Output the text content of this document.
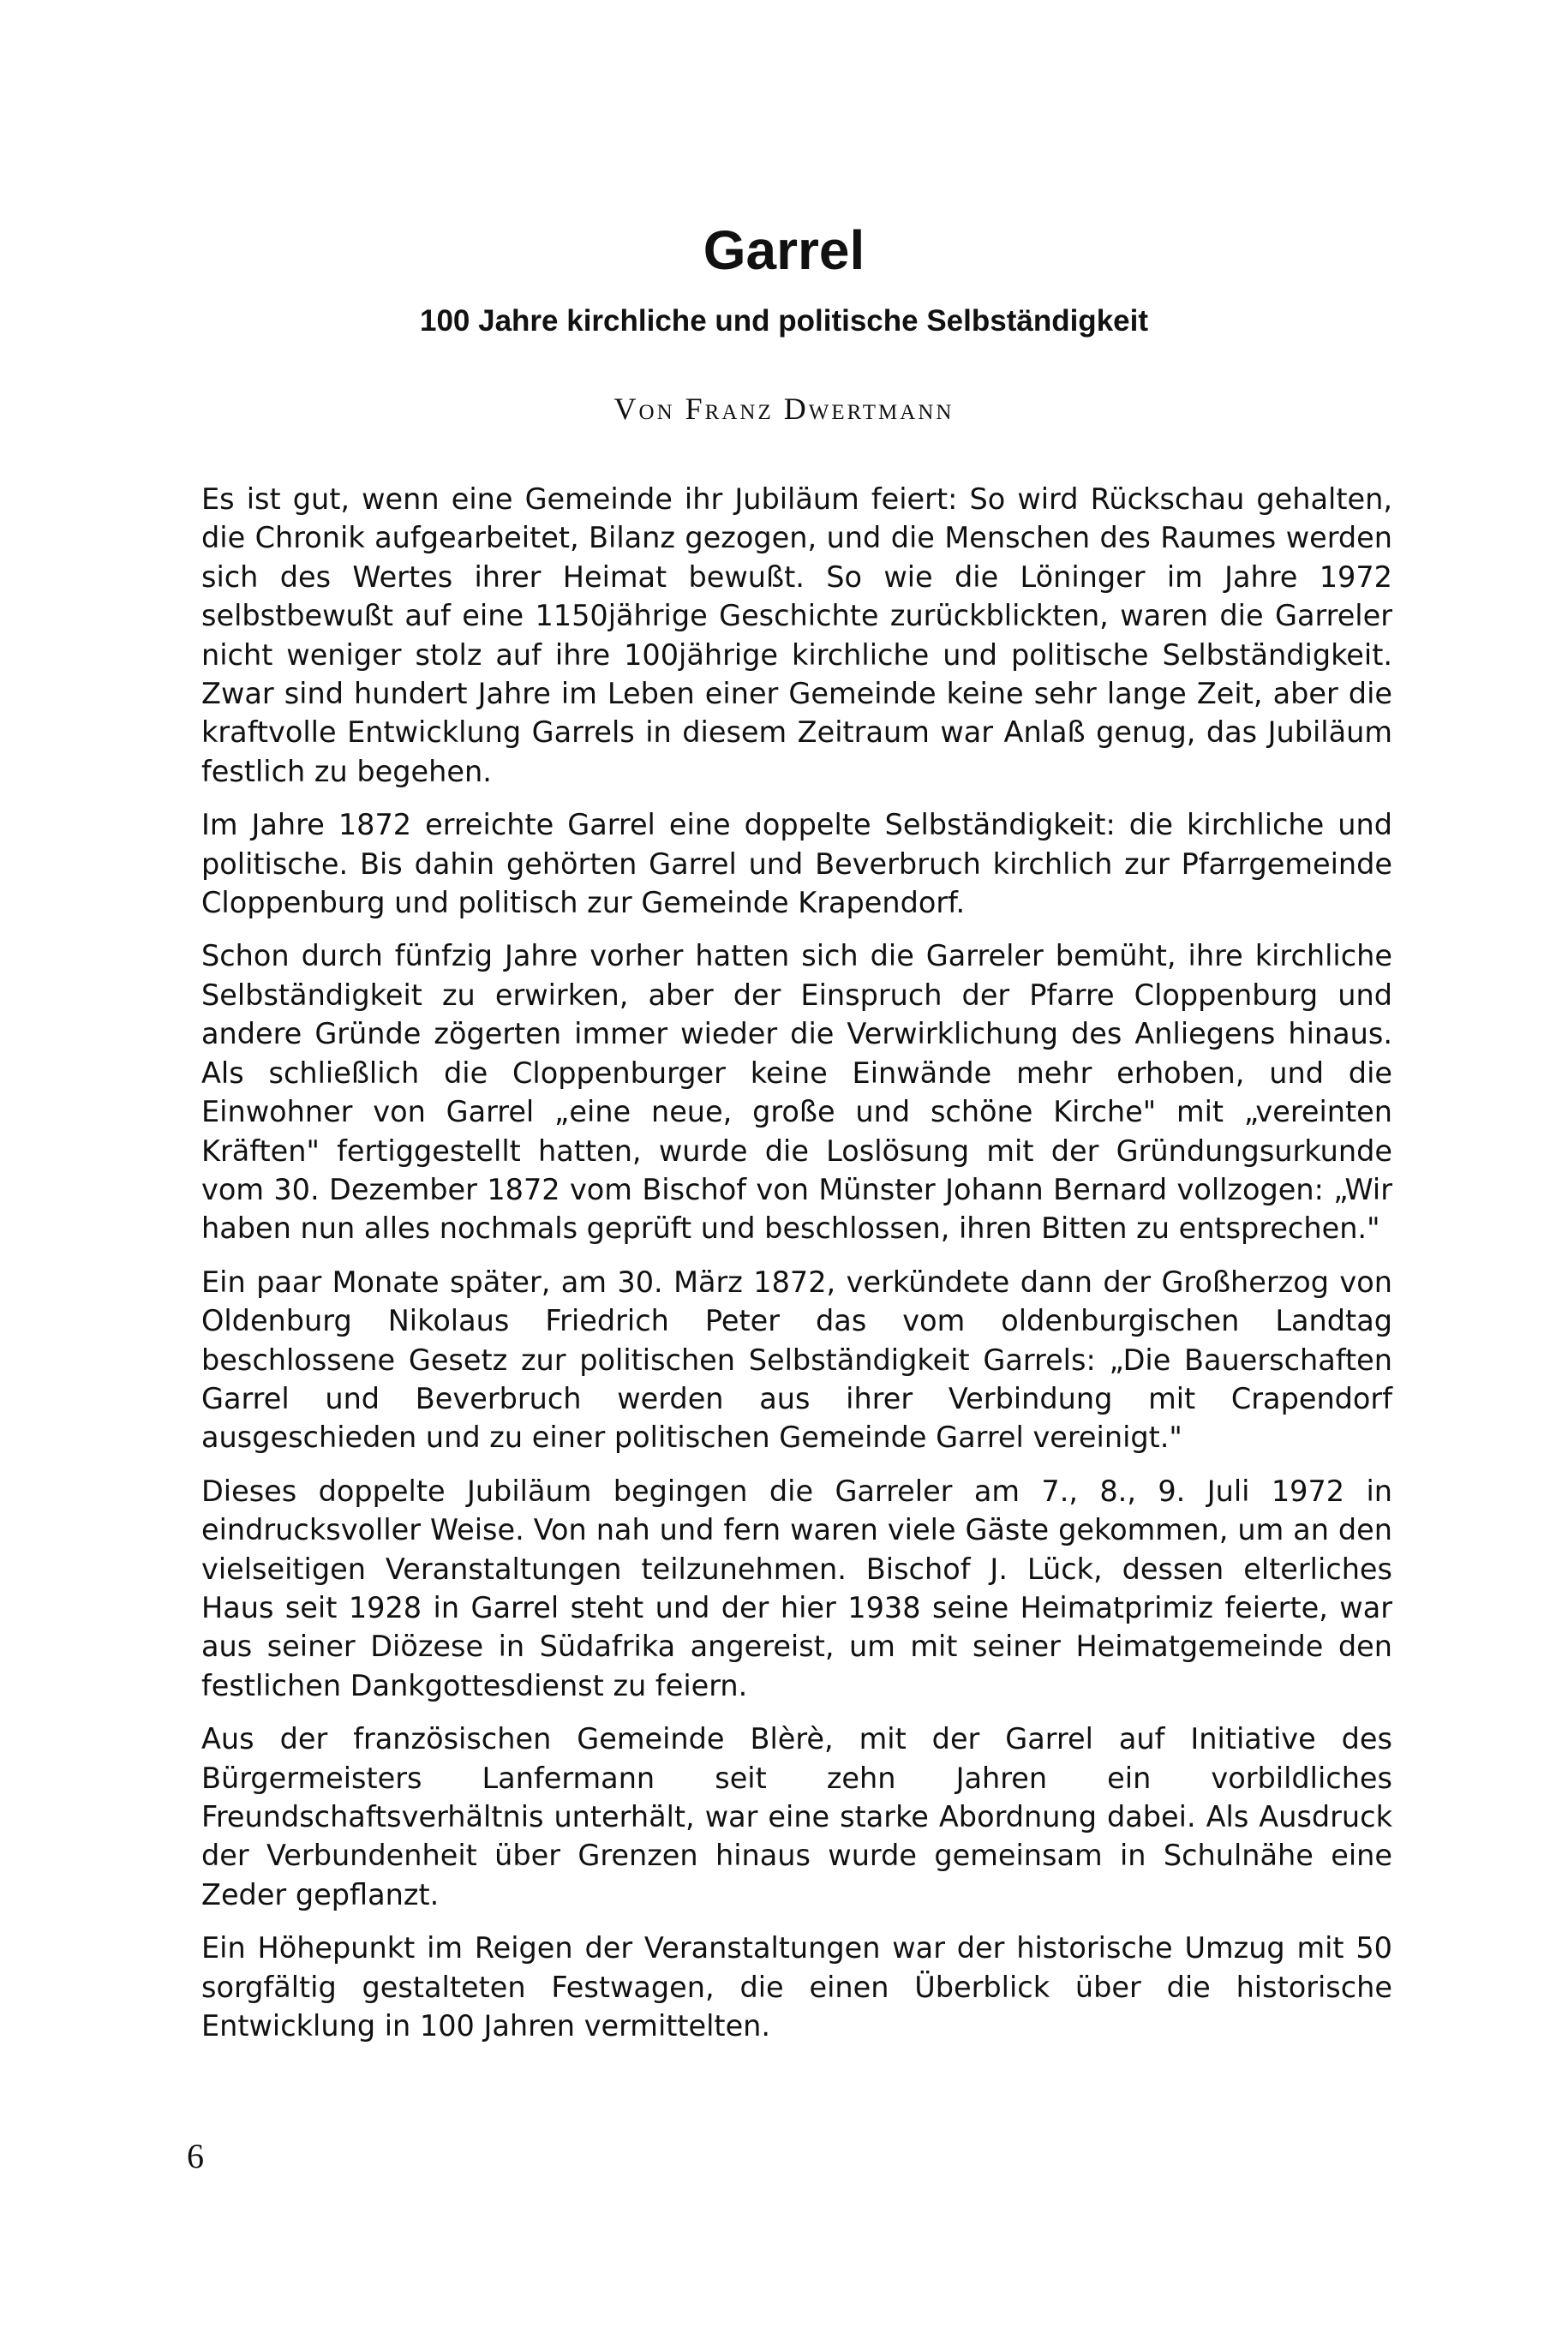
Garrel
100 Jahre kirchliche und politische Selbständigkeit
Von Franz Dwertmann

Es ist gut, wenn eine Gemeinde ihr Jubiläum feiert: So wird Rückschau gehalten, die Chronik aufgearbeitet, Bilanz gezogen, und die Menschen des Raumes werden sich des Wertes ihrer Heimat bewußt. So wie die Löninger im Jahre 1972 selbstbewußt auf eine 1150jährige Geschichte zurückblickten, waren die Garreler nicht weniger stolz auf ihre 100jährige kirchliche und politische Selbständigkeit. Zwar sind hundert Jahre im Leben einer Gemeinde keine sehr lange Zeit, aber die kraftvolle Entwicklung Garrels in diesem Zeitraum war Anlaß genug, das Jubiläum festlich zu begehen.

Im Jahre 1872 erreichte Garrel eine doppelte Selbständigkeit: die kirchliche und politische. Bis dahin gehörten Garrel und Beverbruch kirchlich zur Pfarrgemeinde Cloppenburg und politisch zur Gemeinde Krapendorf.

Schon durch fünfzig Jahre vorher hatten sich die Garreler bemüht, ihre kirchliche Selbständigkeit zu erwirken, aber der Einspruch der Pfarre Cloppenburg und andere Gründe zögerten immer wieder die Verwirklichung des Anliegens hinaus. Als schließlich die Cloppenburger keine Einwände mehr erhoben, und die Einwohner von Garrel „eine neue, große und schöne Kirche" mit „vereinten Kräften" fertiggestellt hatten, wurde die Loslösung mit der Gründungsurkunde vom 30. Dezember 1872 vom Bischof von Münster Johann Bernard vollzogen: „Wir haben nun alles nochmals geprüft und beschlossen, ihren Bitten zu entsprechen."

Ein paar Monate später, am 30. März 1872, verkündete dann der Großherzog von Oldenburg Nikolaus Friedrich Peter das vom oldenburgischen Landtag beschlossene Gesetz zur politischen Selbständigkeit Garrels: „Die Bauerschaften Garrel und Beverbruch werden aus ihrer Verbindung mit Crapendorf ausgeschieden und zu einer politischen Gemeinde Garrel vereinigt."

Dieses doppelte Jubiläum begingen die Garreler am 7., 8., 9. Juli 1972 in eindrucksvoller Weise. Von nah und fern waren viele Gäste gekommen, um an den vielseitigen Veranstaltungen teilzunehmen. Bischof J. Lück, dessen elterliches Haus seit 1928 in Garrel steht und der hier 1938 seine Heimatprimiz feierte, war aus seiner Diözese in Südafrika angereist, um mit seiner Heimatgemeinde den festlichen Dankgottesdienst zu feiern.

Aus der französischen Gemeinde Blèrè, mit der Garrel auf Initiative des Bürgermeisters Lanfermann seit zehn Jahren ein vorbildliches Freundschaftsverhältnis unterhält, war eine starke Abordnung dabei. Als Ausdruck der Verbundenheit über Grenzen hinaus wurde gemeinsam in Schulnähe eine Zeder gepflanzt.

Ein Höhepunkt im Reigen der Veranstaltungen war der historische Umzug mit 50 sorgfältig gestalteten Festwagen, die einen Überblick über die historische Entwicklung in 100 Jahren vermittelten.

6
